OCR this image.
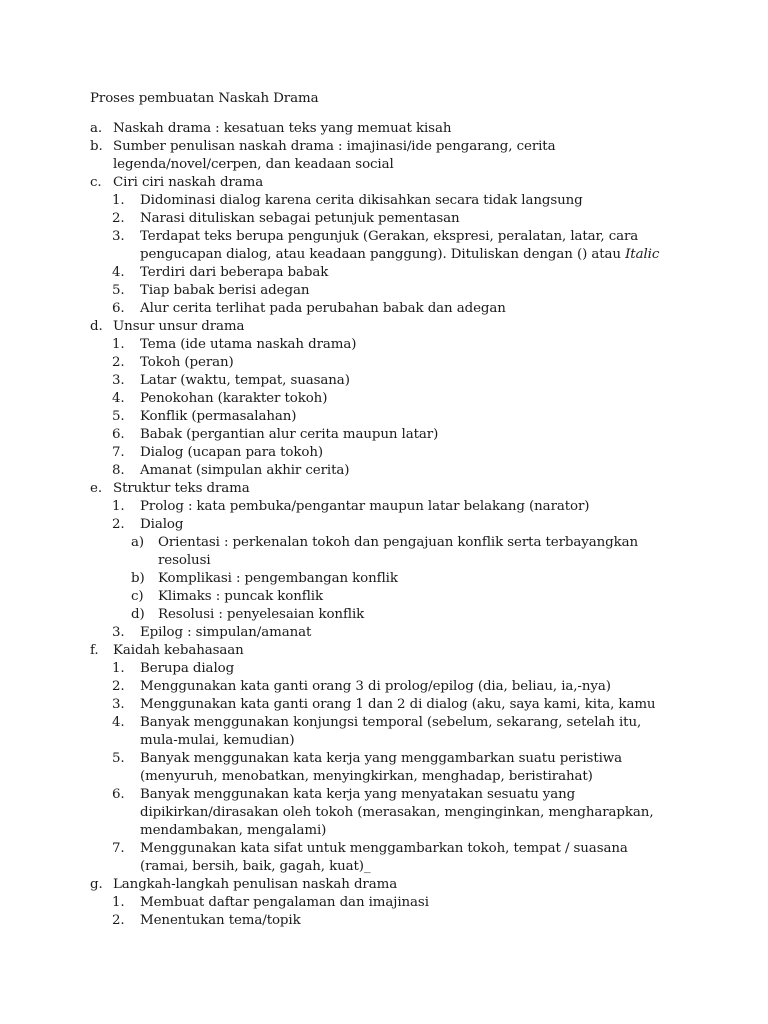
Proses pembuatan Naskah Drama
a. Naskah drama : kesatuan teks yang memuat kisah
b. Sumber penulisan naskah drama : imajinasi/ide pengarang, cerita
legenda/novel/cerpen, dan keadaan social
c. Ciri ciri naskah drama
1. Didominasi dialog karena cerita dikisahkan secara tidak langsung
2. Narasi dituliskan sebagai petunjuk pementasan
3. Terdapat teks berupa pengunjuk (Gerakan, ekspresi, peralatan, latar, cara
pengucapan dialog, atau keadaan panggung). Dituliskan dengan () atau Italic
4. Terdiri dari beberapa babak
5. Tiap babak berisi adegan
6. Alur cerita terlihat pada perubahan babak dan adegan
d. Unsur unsur drama
1. Tema (ide utama naskah drama)
2. Tokoh (peran)
3. Latar (waktu, tempat, suasana)
4. Penokohan (karakter tokoh)
5. Konflik (permasalahan)
6. Babak (pergantian alur cerita maupun latar)
7. Dialog (ucapan para tokoh)
8. Amanat (simpulan akhir cerita)
e. Struktur teks drama
1. Prolog : kata pembuka/pengantar maupun latar belakang (narator)
2. Dialog
a) Orientasi : perkenalan tokoh dan pengajuan konflik serta terbayangkan
resolusi
b) Komplikasi : pengembangan konflik
c) Klimaks : puncak konflik
d) Resolusi : penyelesaian konflik
3. Epilog : simpulan/amanat
f. Kaidah kebahasaan
1. Berupa dialog
2. Menggunakan kata ganti orang 3 di prolog/epilog (dia, beliau, ia,-nya)
3. Menggunakan kata ganti orang 1 dan 2 di dialog (aku, saya kami, kita, kamu
4. Banyak menggunakan konjungsi temporal (sebelum, sekarang, setelah itu,
mula-mulai, kemudian)
5. Banyak menggunakan kata kerja yang menggambarkan suatu peristiwa
(menyuruh, menobatkan, menyingkirkan, menghadap, beristirahat)
6. Banyak menggunakan kata kerja yang menyatakan sesuatu yang
dipikirkan/dirasakan oleh tokoh (merasakan, menginginkan, mengharapkan,
mendambakan, mengalami)
7. Menggunakan kata sifat untuk menggambarkan tokoh, tempat / suasana
(ramai, bersih, baik, gagah, kuat)_
g. Langkah-langkah penulisan naskah drama
1. Membuat daftar pengalaman dan imajinasi
2. Menentukan tema/topik
